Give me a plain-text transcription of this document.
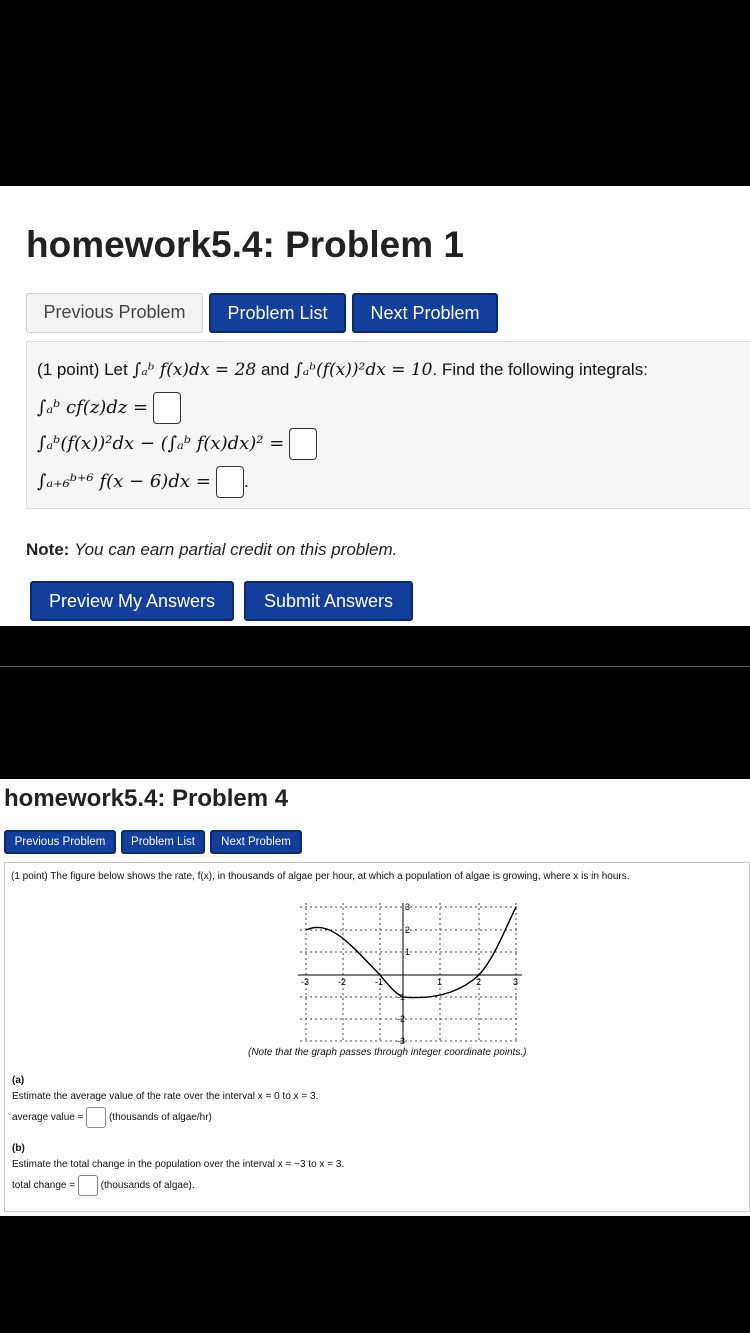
homework5.4: Problem 1
Previous Problem	Problem List	Next Problem
(1 point) Let ∫ₐᵇ f(x)dx = 28 and ∫ₐᵇ(f(x))²dx = 10. Find the following integrals:
∫ₐᵇ cf(z)dz =
∫ₐᵇ(f(x))²dx − (∫ₐᵇ f(x)dx)² =
∫ₐ₊₆ᵇ⁺⁶ f(x − 6)dx = .
Note: You can earn partial credit on this problem.
Preview My Answers	Submit Answers
homework5.4: Problem 4
Previous Problem	Problem List	Next Problem
(1 point) The figure below shows the rate, f(x), in thousands of algae per hour, at which a population of algae is growing, where x is in hours.
-3	-2	-1	1	2	3
3
2
1
-1
-2
-3
(Note that the graph passes through integer coordinate points.)
(a)
Estimate the average value of the rate over the interval x = 0 to x = 3.
average value =	(thousands of algae/hr)
(b)
Estimate the total change in the population over the interval x = −3 to x = 3.
total change =	(thousands of algae).
